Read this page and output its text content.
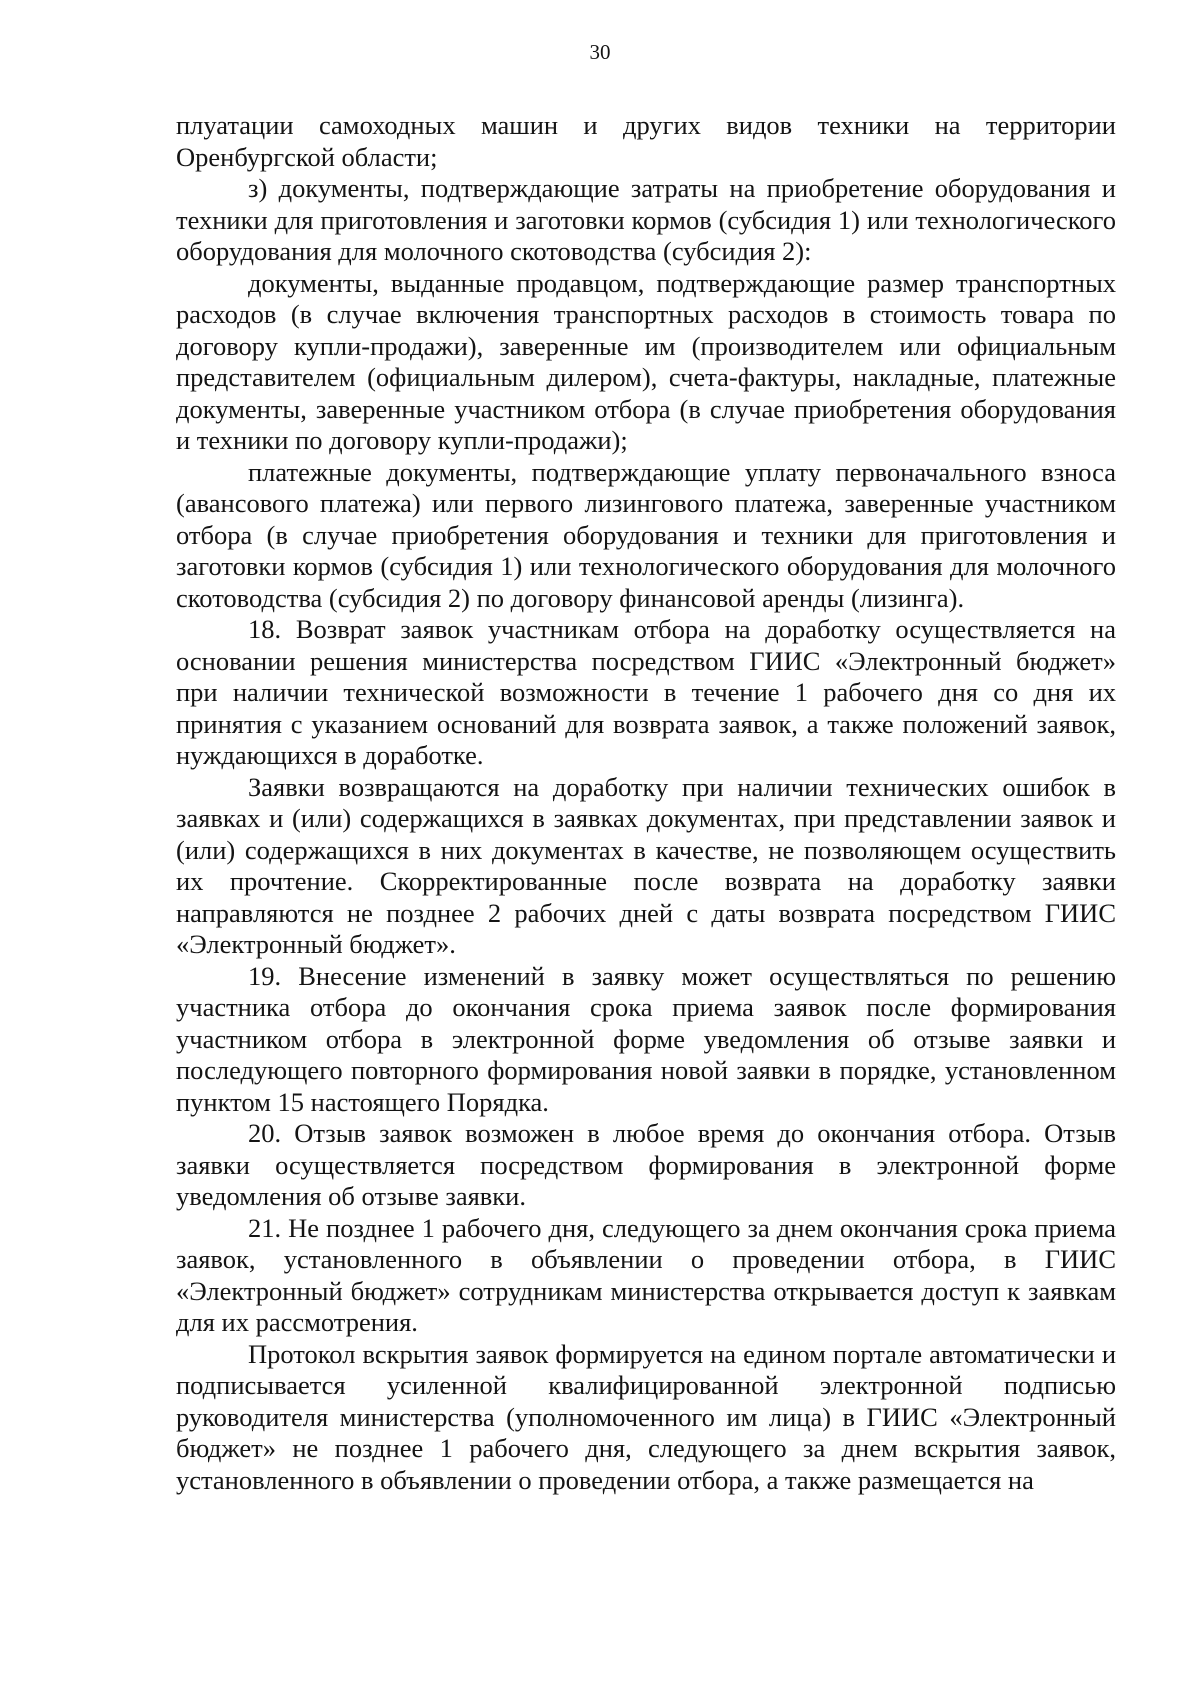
30

плуатации самоходных машин и других видов техники на территории Оренбургской области;

з) документы, подтверждающие затраты на приобретение оборудования и техники для приготовления и заготовки кормов (субсидия 1) или технологического оборудования для молочного скотоводства (субсидия 2):

документы, выданные продавцом, подтверждающие размер транспортных расходов (в случае включения транспортных расходов в стоимость товара по договору купли-продажи), заверенные им (производителем или официальным представителем (официальным дилером), счета-фактуры, накладные, платежные документы, заверенные участником отбора (в случае приобретения оборудования и техники по договору купли-продажи);

платежные документы, подтверждающие уплату первоначального взноса (авансового платежа) или первого лизингового платежа, заверенные участником отбора (в случае приобретения оборудования и техники для приготовления и заготовки кормов (субсидия 1) или технологического оборудования для молочного скотоводства (субсидия 2) по договору финансовой аренды (лизинга).

18. Возврат заявок участникам отбора на доработку осуществляется на основании решения министерства посредством ГИИС «Электронный бюджет» при наличии технической возможности в течение 1 рабочего дня со дня их принятия с указанием оснований для возврата заявок, а также положений заявок, нуждающихся в доработке.

Заявки возвращаются на доработку при наличии технических ошибок в заявках и (или) содержащихся в заявках документах, при представлении заявок и (или) содержащихся в них документах в качестве, не позволяющем осуществить их прочтение. Скорректированные после возврата на доработку заявки направляются не позднее 2 рабочих дней с даты возврата посредством ГИИС «Электронный бюджет».

19. Внесение изменений в заявку может осуществляться по решению участника отбора до окончания срока приема заявок после формирования участником отбора в электронной форме уведомления об отзыве заявки и последующего повторного формирования новой заявки в порядке, установленном пунктом 15 настоящего Порядка.

20. Отзыв заявок возможен в любое время до окончания отбора. Отзыв заявки осуществляется посредством формирования в электронной форме уведомления об отзыве заявки.

21. Не позднее 1 рабочего дня, следующего за днем окончания срока приема заявок, установленного в объявлении о проведении отбора, в ГИИС «Электронный бюджет» сотрудникам министерства открывается доступ к заявкам для их рассмотрения.

Протокол вскрытия заявок формируется на едином портале автоматически и подписывается усиленной квалифицированной электронной подписью руководителя министерства (уполномоченного им лица) в ГИИС «Электронный бюджет» не позднее 1 рабочего дня, следующего за днем вскрытия заявок, установленного в объявлении о проведении отбора, а также размещается на
